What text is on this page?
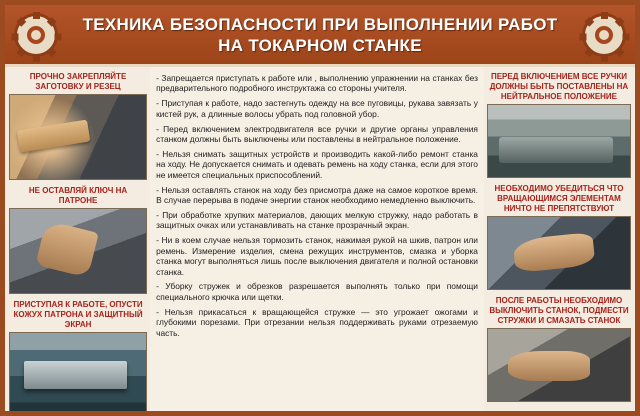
ТЕХНИКА БЕЗОПАСНОСТИ ПРИ ВЫПОЛНЕНИИ РАБОТ НА ТОКАРНОМ СТАНКЕ
ПРОЧНО ЗАКРЕПЛЯЙТЕ ЗАГОТОВКУ И РЕЗЕЦ
НЕ ОСТАВЛЯЙ КЛЮЧ НА ПАТРОНЕ
ПРИСТУПАЯ К РАБОТЕ, ОПУСТИ КОЖУХ ПАТРОНА И ЗАЩИТНЫЙ ЭКРАН

- Запрещается приступать к работе или , выполнению упражнении на станках без предварительного подробного инструктажа со стороны учителя.

- Приступая к работе, надо застегнуть одежду на все пуговицы, рукава завязать у кистей рук, а длинные волосы убрать под головной убор.

- Перед включением электродвигателя все ручки и другие органы управления станком должны быть выключены или поставлены в нейтральное положение.

- Нельзя снимать защитных устройств и производить какой-либо ремонт станка на ходу. Не допускается снимать и одевать ремень на ходу станка, если для этого не имеется специальных приспособлений.

- Нельзя оставлять станок на ходу без присмотра даже на самое короткое время. В случае перерыва в подаче энергии станок необходимо немедленно выключить.

- При обработке хрупких материалов, дающих мелкую стружку, надо работать в защитных очках или устанавливать на станке прозрачный экран.

- Ни в коем случае нельзя тормозить станок, нажимая рукой на шкив, патрон или ремень. Измерение изделия, смена режущих инструментов, смазка и уборка станка могут выполняться лишь после выключения двигателя и полной остановки станка.

- Уборку стружек и обрезков разрешается выполнять только при помощи специального крючка или щетки.

- Нельзя прикасаться к вращающейся стружке — это угрожает ожогами и глубокими порезами. При отрезании нельзя поддерживать руками отрезаемую часть.

ПЕРЕД ВКЛЮЧЕНИЕМ ВСЕ РУЧКИ ДОЛЖНЫ БЫТЬ ПОСТАВЛЕНЫ НА НЕЙТРАЛЬНОЕ ПОЛОЖЕНИЕ
НЕОБХОДИМО УБЕДИТЬСЯ ЧТО ВРАЩАЮЩИМСЯ ЭЛЕМЕНТАМ НИЧТО НЕ ПРЕПЯТСТВУЮТ
ПОСЛЕ РАБОТЫ НЕОБХОДИМО ВЫКЛЮЧИТЬ СТАНОК, ПОДМЕСТИ СТРУЖКИ И СМАЗАТЬ СТАНОК
